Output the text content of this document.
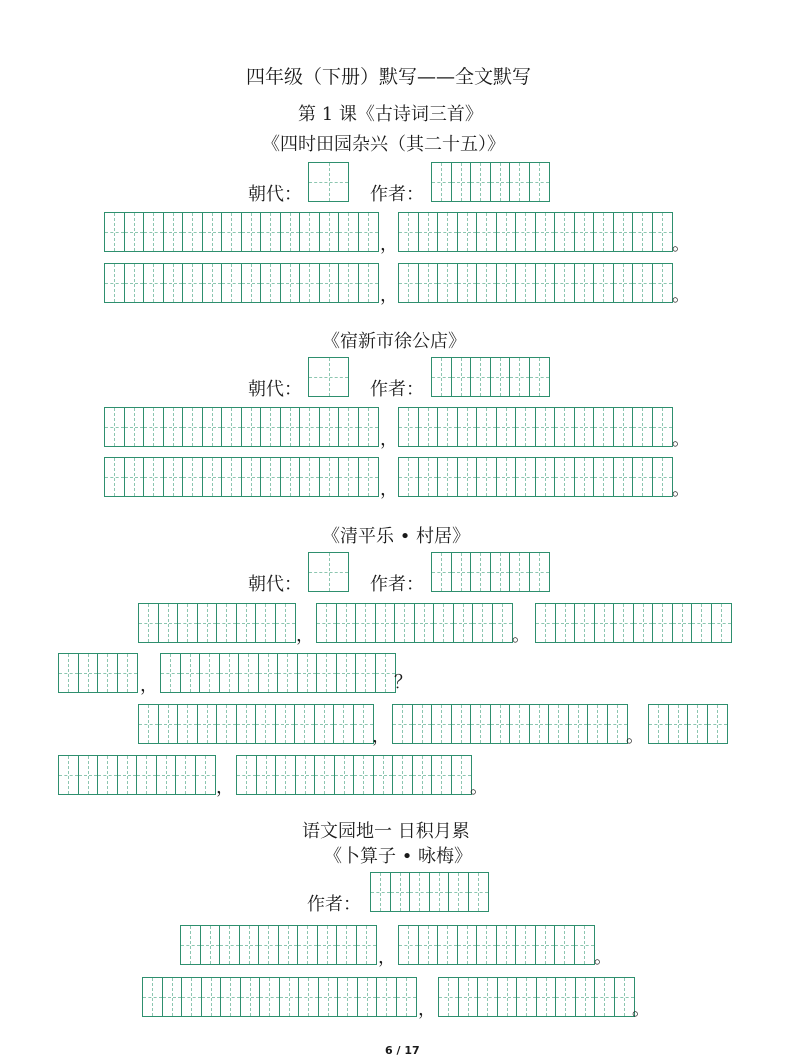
四年级（下册）默写——全文默写
第 1 课《古诗词三首》
《四时田园杂兴（其二十五）》
朝代：	作者：
，	。
，	。
《宿新市徐公店》
朝代：	作者：
，	。
，	。
《清平乐 • 村居》
朝代：	作者：
，	。
，	？
，	。
，	。
语文园地一 日积月累
《卜算子 • 咏梅》
作者：
，	。
，	。
6 / 17
